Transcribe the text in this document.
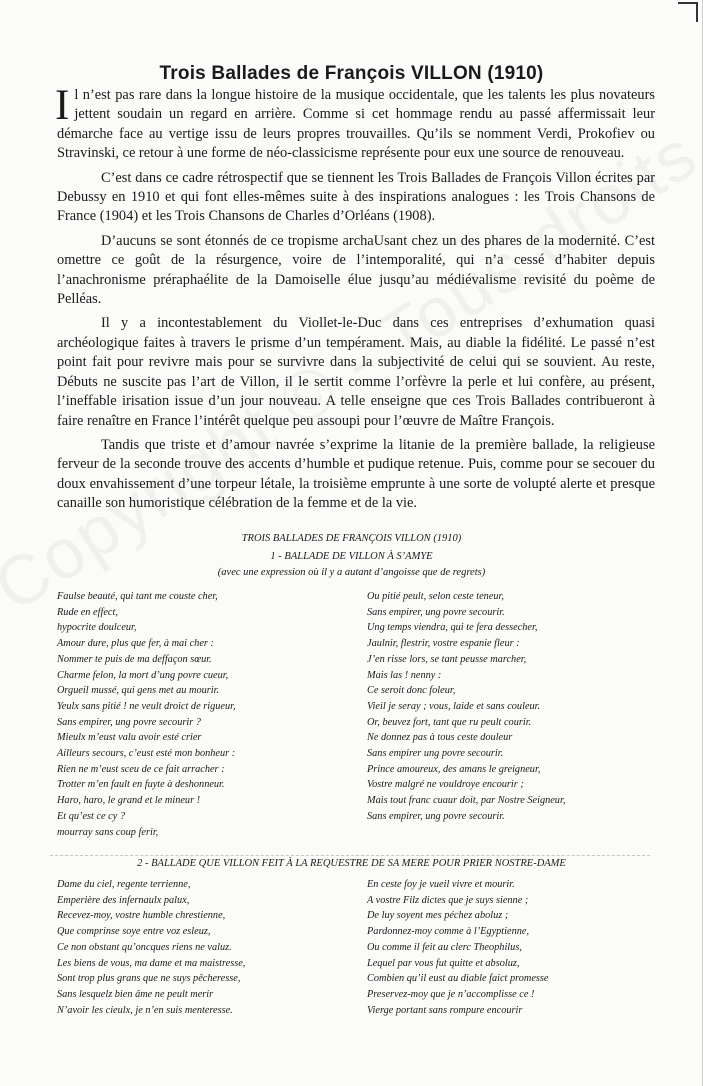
Trois Ballades de François VILLON (1910)

Il n’est pas rare dans la longue histoire de la musique occidentale, que les talents les plus novateurs jettent soudain un regard en arrière. Comme si cet hommage rendu au passé affermissait leur démarche face au vertige issu de leurs propres trouvailles. Qu’ils se nomment Verdi, Prokofiev ou Stravinski, ce retour à une forme de néo-classicisme représente pour eux une source de renouveau.

C’est dans ce cadre rétrospectif que se tiennent les Trois Ballades de François Villon écrites par Debussy en 1910 et qui font elles-mêmes suite à des inspirations analogues : les Trois Chansons de France (1904) et les Trois Chansons de Charles d’Orléans (1908).

D’aucuns se sont étonnés de ce tropisme archaUsant chez un des phares de la modernité. C’est omettre ce goût de la résurgence, voire de l’intemporalité, qui n’a cessé d’habiter depuis l’anachronisme préraphaélite de la Damoiselle élue jusqu’au médiévalisme revisité du poème de Pelléas.

Il y a incontestablement du Viollet-le-Duc dans ces entreprises d’exhumation quasi archéologique faites à travers le prisme d’un tempérament. Mais, au diable la fidélité. Le passé n’est point fait pour revivre mais pour se survivre dans la subjectivité de celui qui se souvient. Au reste, Débuts ne suscite pas l’art de Villon, il le sertit comme l’orfèvre la perle et lui confère, au présent, l’ineffable irisation issue d’un jour nouveau. A telle enseigne que ces Trois Ballades contribueront à faire renaître en France l’intérêt quelque peu assoupi pour l’œuvre de Maître François.

Tandis que triste et d’amour navrée s’exprime la litanie de la première ballade, la religieuse ferveur de la seconde trouve des accents d’humble et pudique retenue. Puis, comme pour se secouer du doux envahissement d’une torpeur létale, la troisième emprunte à une sorte de volupté alerte et presque canaille son humoristique célébration de la femme et de la vie.

TROIS BALLADES DE FRANÇOIS VILLON (1910)
1 - BALLADE DE VILLON À S’AMYE
(avec une expression où il y a autant d’angoisse que de regrets)
Faulse beauté, qui tant me couste cher,
Rude en effect,
hypocrite doulceur,
Amour dure, plus que fer, à mai cher :
Nommer te puis de ma deffaçon sœur.
Charme felon, la mort d’ung povre cueur,
Orgueil mussé, qui gens met au mourir.
Yeulx sans pitié ! ne veult droict de rigueur,
Sans empirer, ung povre secourir ?
Mieulx m’eust valu avoir esté crier
Ailleurs secours, c’eust esté mon bonheur :
Rien ne m’eust sceu de ce fait arracher :
Trotter m’en fault en fuyte à deshonneur.
Haro, haro, le grand et le mineur !
Et qu’est ce cy ?
mourray sans coup ferir,
Ou pitié peult, selon ceste teneur,
Sans empirer, ung povre secourir.
Ung temps viendra, qui te fera dessecher,
Jaulnir, flestrir, vostre espanie fleur :
J’en risse lors, se tant peusse marcher,
Mais las ! nenny :
Ce seroit donc foleur,
Vieil je seray ; vous, laide et sans couleur.
Or, beuvez fort, tant que ru peult courir.
Ne donnez pas à tous ceste douleur
Sans empirer ung povre secourir.
Prince amoureux, des amans le greigneur,
Vostre malgré ne vouldroye encourir ;
Mais tout franc cuaur doit, par Nostre Seigneur,
Sans empirer, ung povre secourir.
2 - BALLADE QUE VILLON FEIT À LA REQUESTRE DE SA MERE POUR PRIER NOSTRE-DAME
Dame du ciel, regente terrienne,
Emperière des infernaulx palux,
Recevez-moy, vostre humble chrestienne,
Que comprinse soye entre voz esleuz,
Ce non obstant qu’oncques riens ne valuz.
Les biens de vous, ma dame et ma maistresse,
Sont trop plus grans que ne suys pêcheresse,
Sans lesquelz bien âme ne peult merir
N’avoir les cieulx, je n’en suis menteresse.
En ceste foy je vueil vivre et mourir.
A vostre Filz dictes que je suys sienne ;
De luy soyent mes péchez aboluz ;
Pardonnez-moy comme à l’Egyptienne,
Ou comme il feit au clerc Theophilus,
Lequel par vous fut quitte et absoluz,
Combien qu’il eust au diable faict promesse
Preservez-moy que je n’accomplisse ce !
Vierge portant sans rompure encourir
